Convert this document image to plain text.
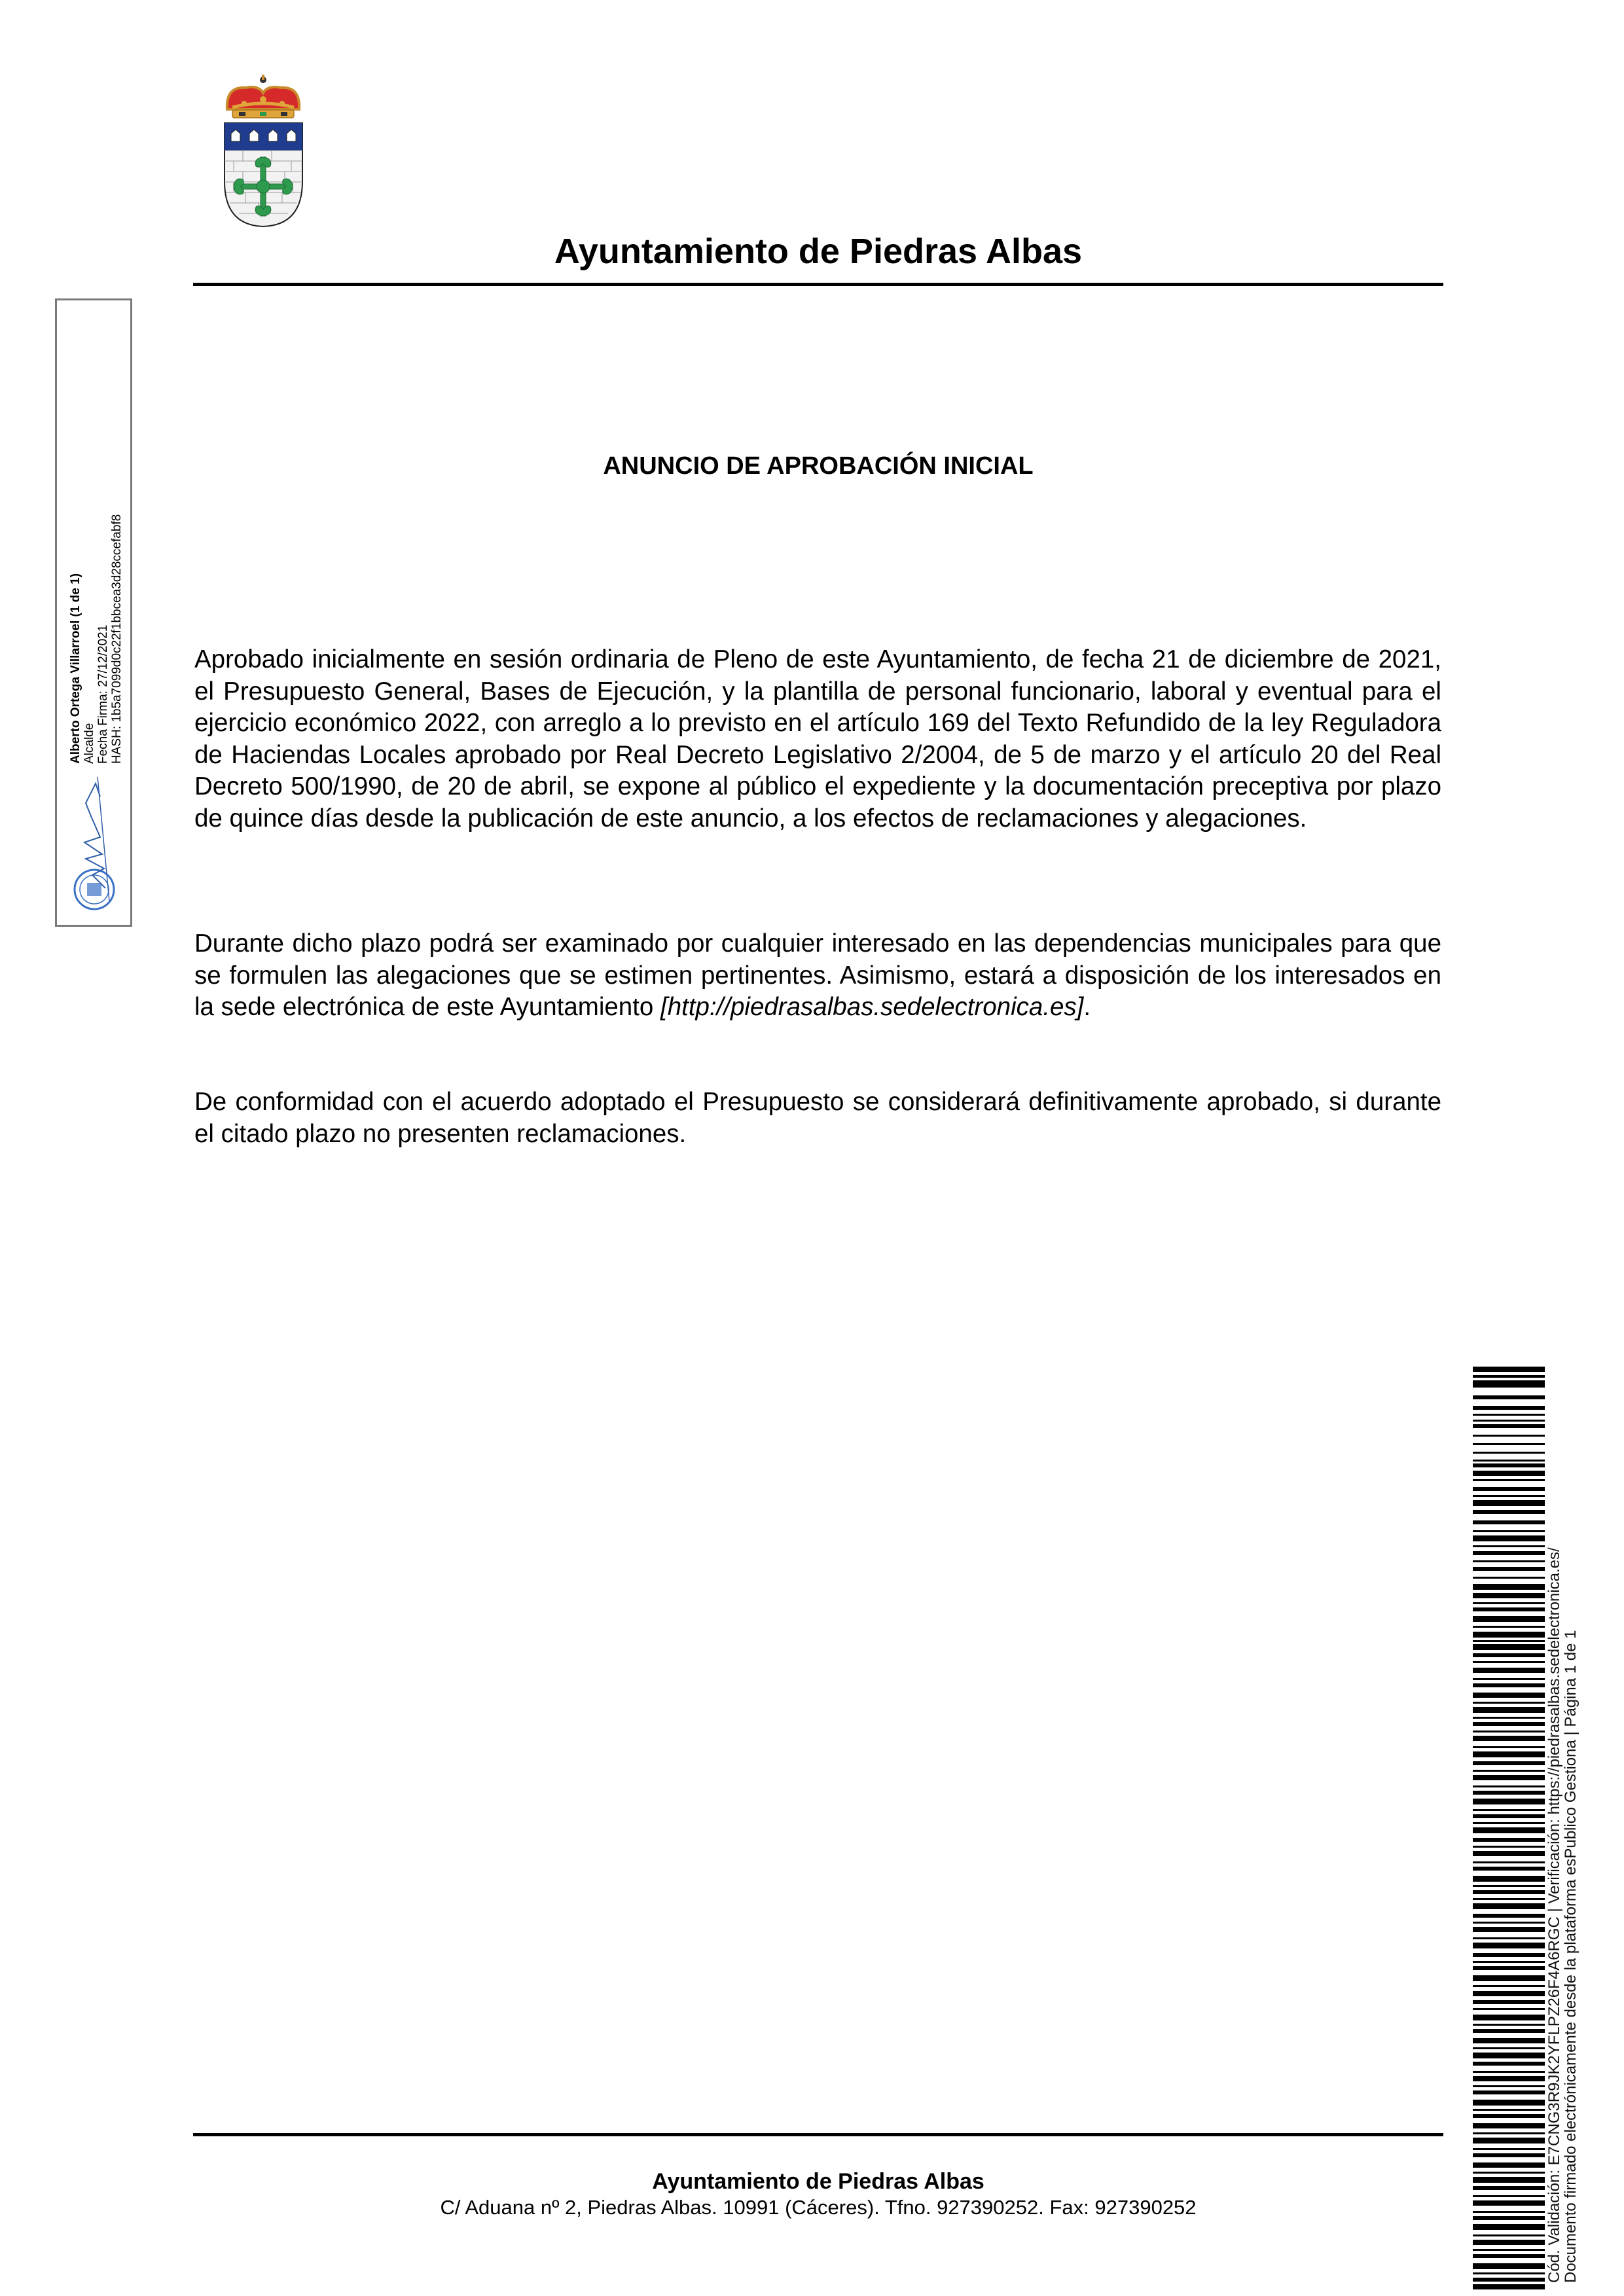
Ayuntamiento de Piedras Albas
ANUNCIO DE APROBACIÓN INICIAL

Aprobado inicialmente en sesión ordinaria de Pleno de este Ayuntamiento, de fecha 21 de diciembre de 2021, el Presupuesto General, Bases de Ejecución, y la plantilla de personal funcionario, laboral y eventual para el ejercicio económico 2022, con arreglo a lo previsto en el artículo 169 del Texto Refundido de la ley Reguladora de Haciendas Locales aprobado por Real Decreto Legislativo 2/2004, de 5 de marzo y el artículo 20 del Real Decreto 500/1990, de 20 de abril, se expone al público el expediente y la documentación preceptiva por plazo de quince días desde la publicación de este anuncio, a los efectos de reclamaciones y alegaciones.

Durante dicho plazo podrá ser examinado por cualquier interesado en las dependencias municipales para que se formulen las alegaciones que se estimen pertinentes. Asimismo, estará a disposición de los interesados en la sede electrónica de este Ayuntamiento [http://piedrasalbas.sedelectronica.es].

De conformidad con el acuerdo adoptado el Presupuesto se considerará definitivamente aprobado, si durante el citado plazo no presenten reclamaciones.

Alberto Ortega Villarroel (1 de 1) Alcalde Fecha Firma: 27/12/2021 HASH: 1b5a7099d0c22f1bbcea3d28ccefabf8
Cód. Validación: E7CNG3R9JK2YFLPZ26F4A6RGC | Verificación: https://piedrasalbas.sedelectronica.es/
Documento firmado electrónicamente desde la plataforma esPublico Gestiona | Página 1 de 1
Ayuntamiento de Piedras Albas
C/ Aduana nº 2, Piedras Albas. 10991 (Cáceres). Tfno. 927390252. Fax: 927390252
